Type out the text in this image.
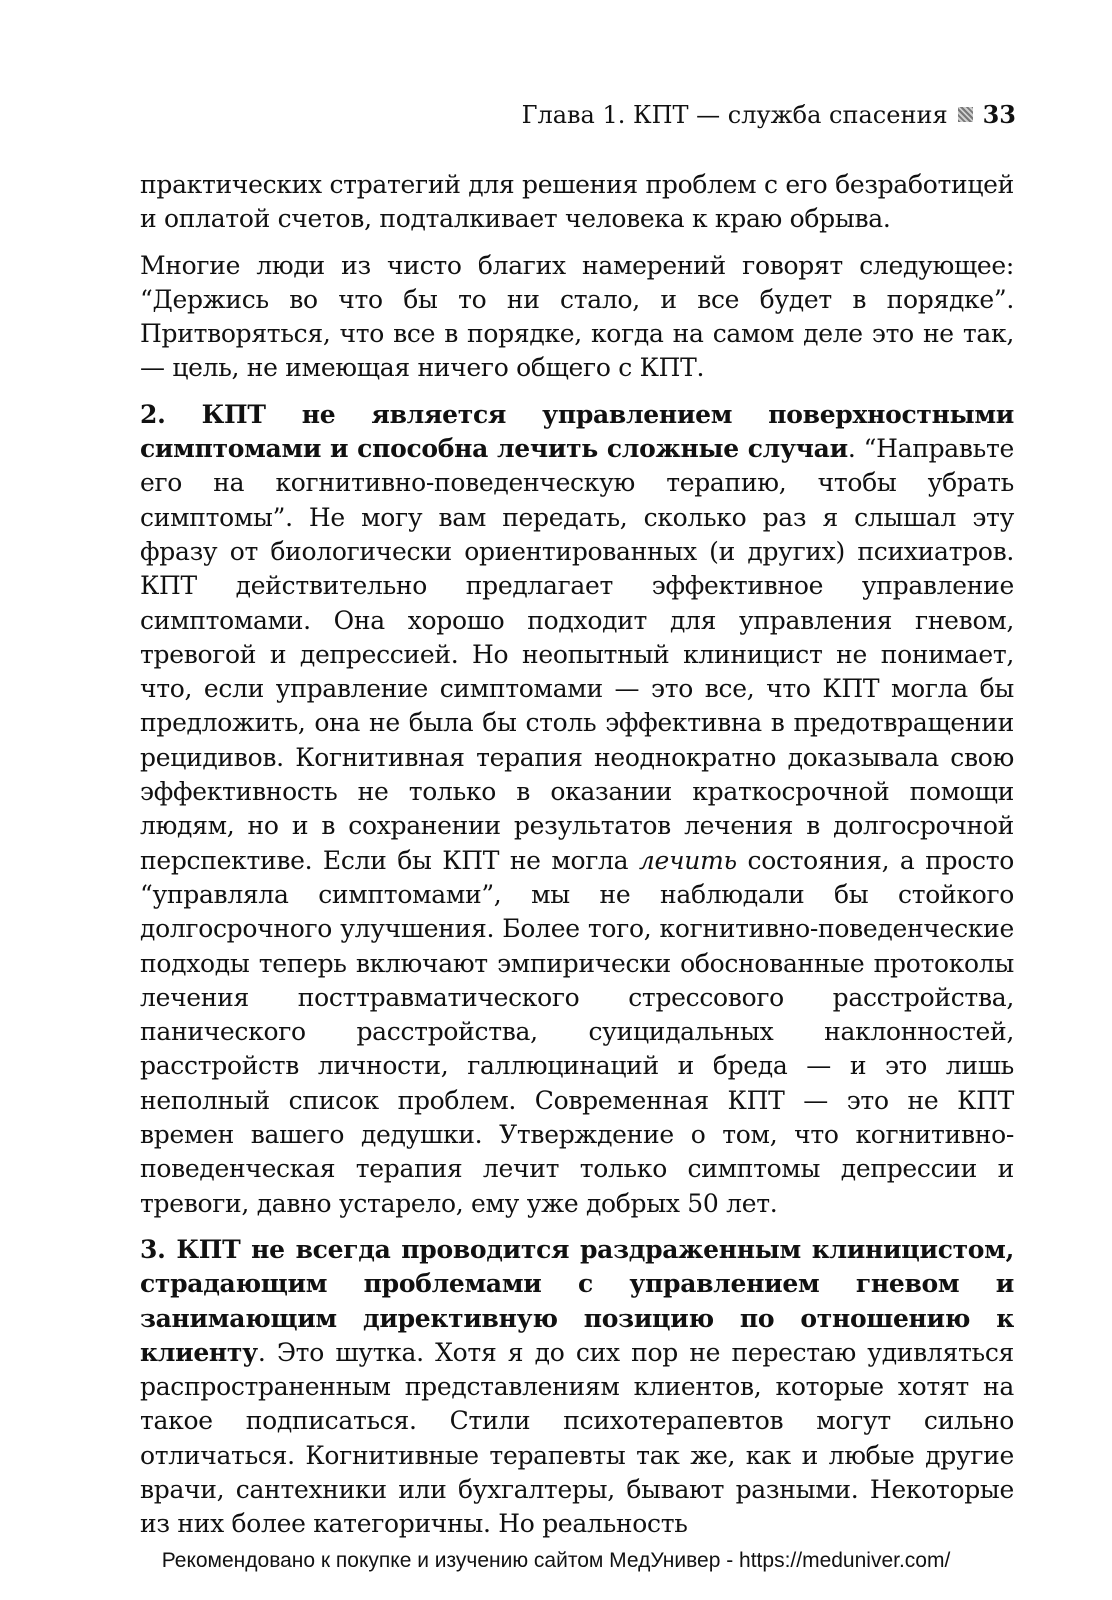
Глава 1. КПТ — служба спасения 33

практических стратегий для решения проблем с его безработицей и оплатой счетов, подталкивает человека к краю обрыва.

Многие люди из чисто благих намерений говорят следующее: “Держись во что бы то ни стало, и все будет в порядке”. Притворяться, что все в порядке, когда на самом деле это не так, — цель, не имеющая ничего общего с КПТ.

2. КПТ не является управлением поверхностными симптомами и способна лечить сложные случаи. “Направьте его на когнитивно-поведенческую терапию, чтобы убрать симптомы”. Не могу вам передать, сколько раз я слышал эту фразу от биологически ориентированных (и других) психиатров. КПТ действительно предлагает эффективное управление симптомами. Она хорошо подходит для управления гневом, тревогой и депрессией. Но неопытный клиницист не понимает, что, если управление симптомами — это все, что КПТ могла бы предложить, она не была бы столь эффективна в предотвращении рецидивов. Когнитивная терапия неоднократно доказывала свою эффективность не только в оказании краткосрочной помощи людям, но и в сохранении результатов лечения в долгосрочной перспективе. Если бы КПТ не могла лечить состояния, а просто “управляла симптомами”, мы не наблюдали бы стойкого долгосрочного улучшения. Более того, когнитивно-поведенческие подходы теперь включают эмпирически обоснованные протоколы лечения посттравматического стрессового расстройства, панического расстройства, суицидальных наклонностей, расстройств личности, галлюцинаций и бреда — и это лишь неполный список проблем. Современная КПТ — это не КПТ времен вашего дедушки. Утверждение о том, что когнитивно-поведенческая терапия лечит только симптомы депрессии и тревоги, давно устарело, ему уже добрых 50 лет.

3. КПТ не всегда проводится раздраженным клиницистом, страдающим проблемами с управлением гневом и занимающим директивную позицию по отношению к клиенту. Это шутка. Хотя я до сих пор не перестаю удивляться распространенным представлениям клиентов, которые хотят на такое подписаться. Стили психотерапевтов могут сильно отличаться. Когнитивные терапевты так же, как и любые другие врачи, сантехники или бухгалтеры, бывают разными. Некоторые из них более категоричны. Но реальность

Рекомендовано к покупке и изучению сайтом МедУнивер - https://meduniver.com/
